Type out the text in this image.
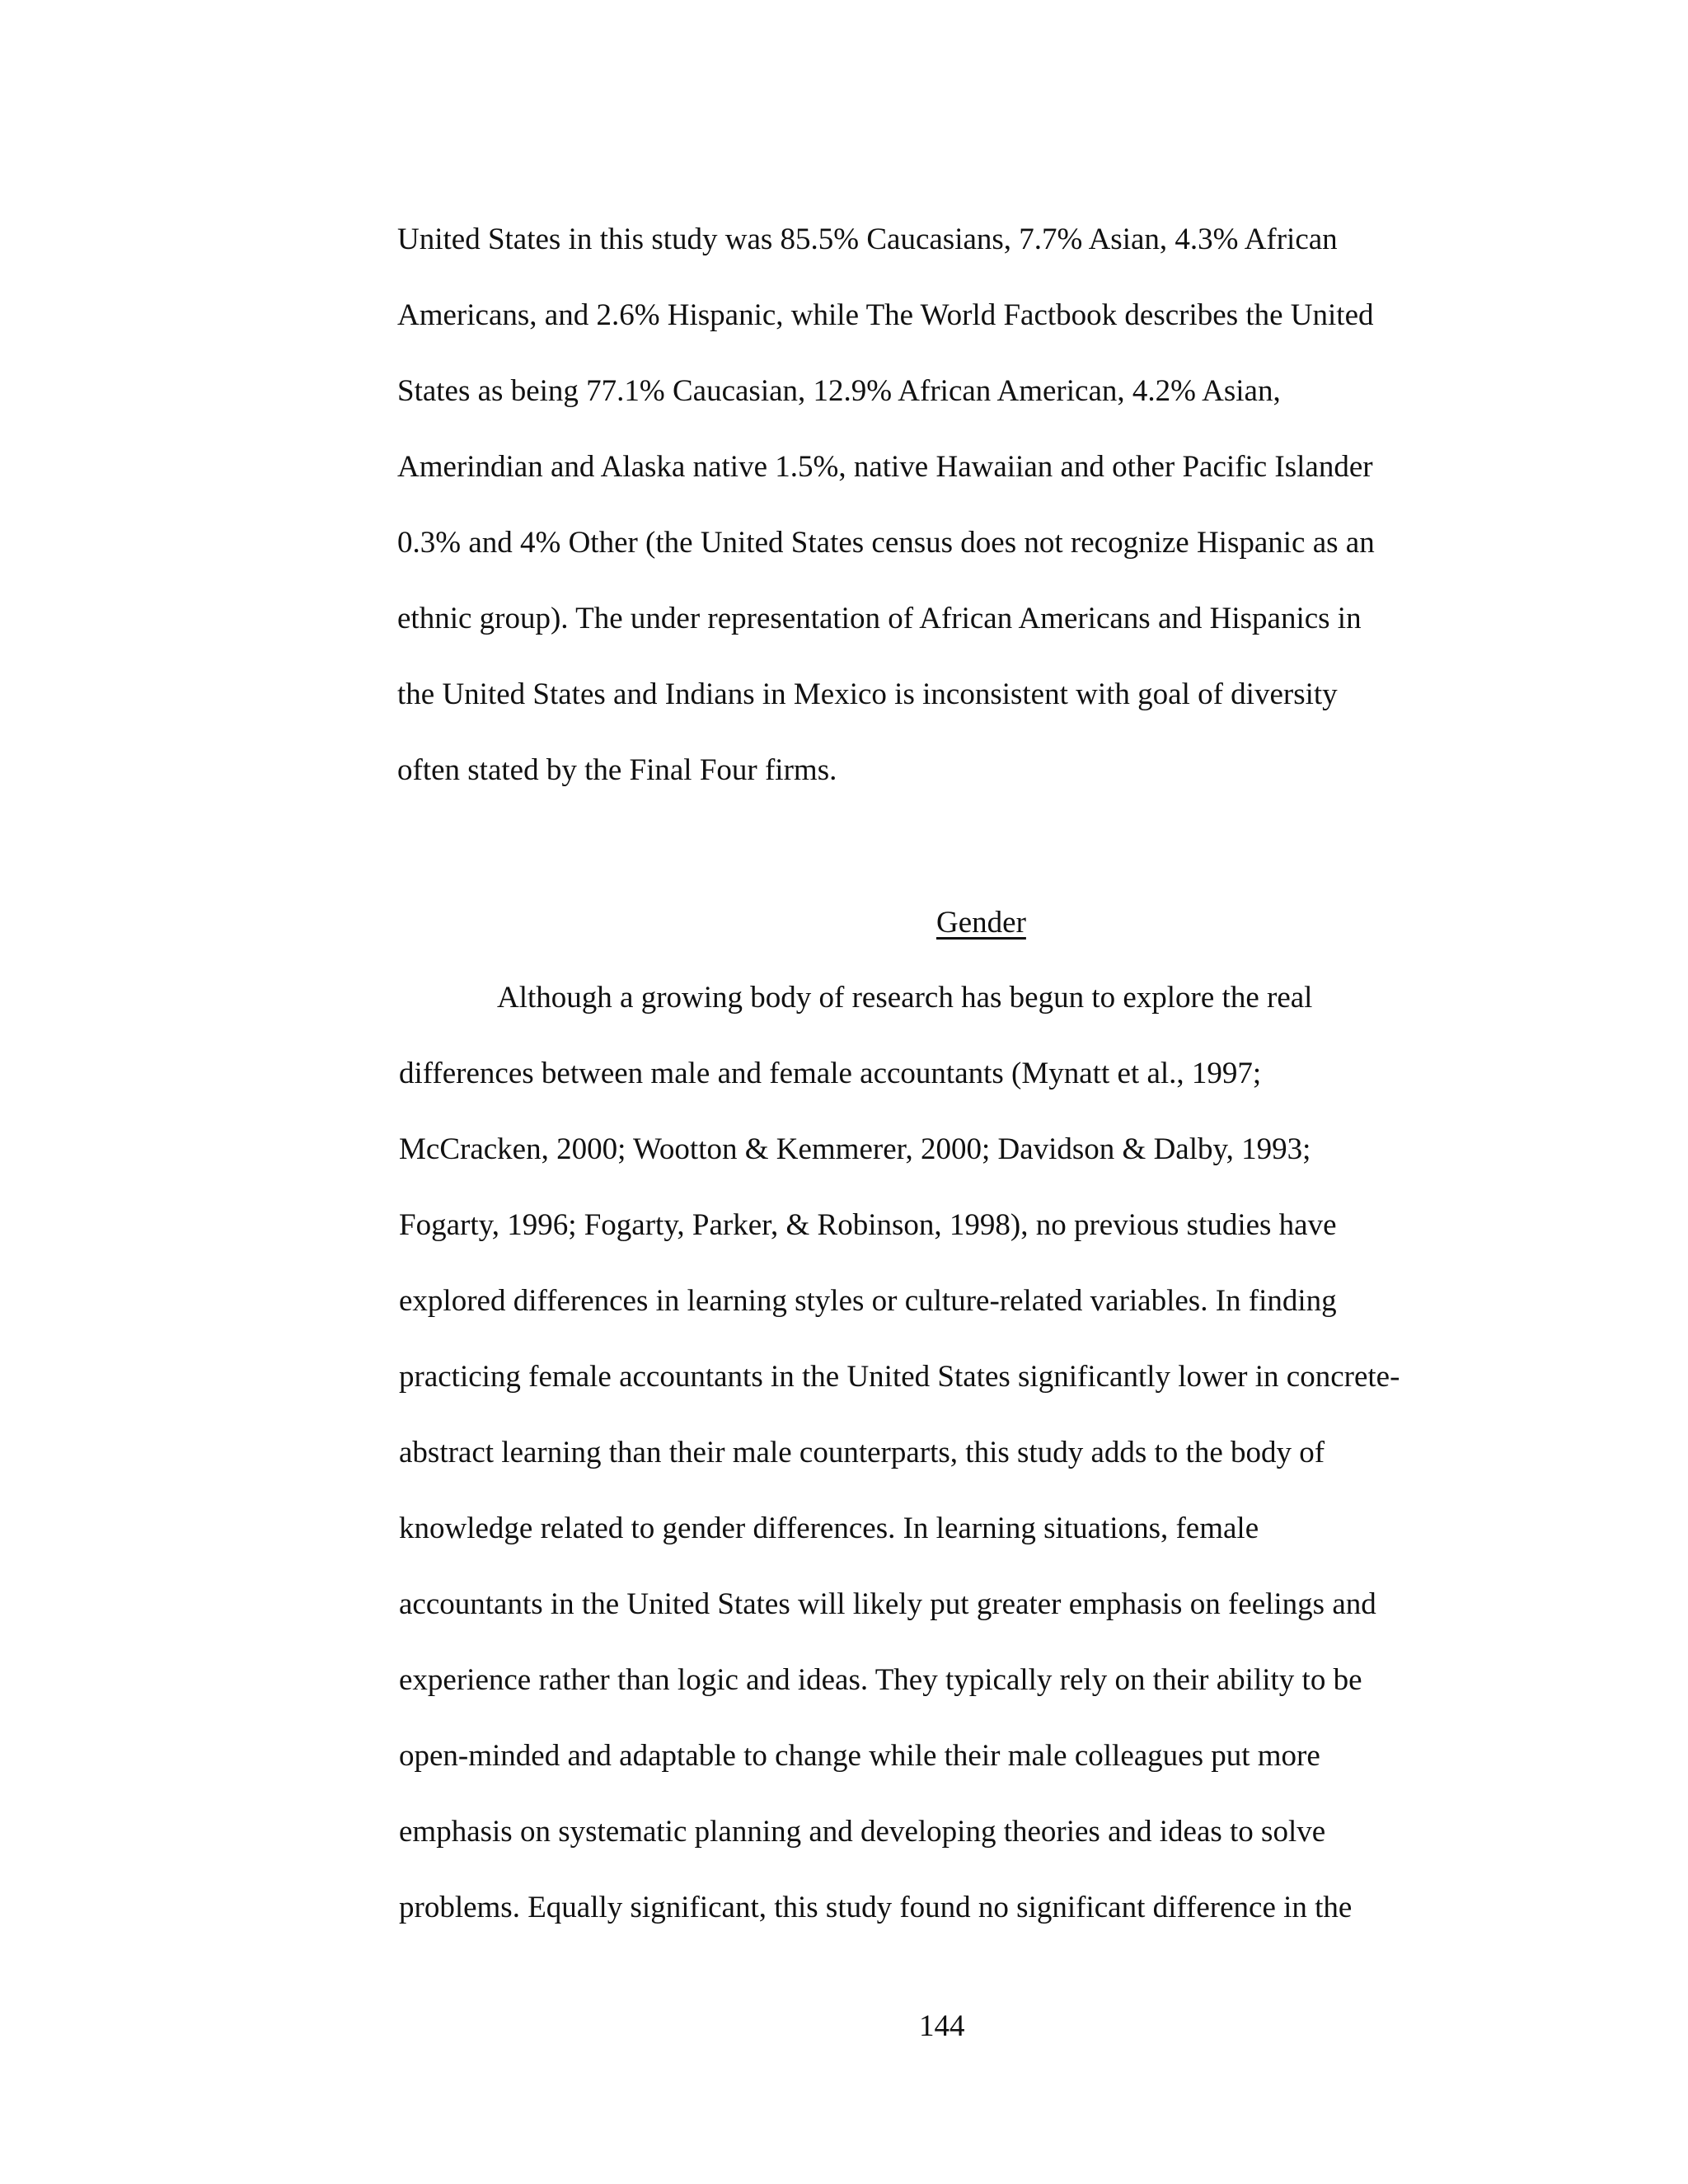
United States in this study was 85.5% Caucasians, 7.7% Asian, 4.3% African
Americans, and 2.6% Hispanic, while The World Factbook describes the United
States as being 77.1% Caucasian, 12.9% African American, 4.2% Asian,
Amerindian and Alaska native 1.5%, native Hawaiian and other Pacific Islander
0.3% and 4% Other (the United States census does not recognize Hispanic as an
ethnic group). The under representation of African Americans and Hispanics in
the United States and Indians in Mexico is inconsistent with goal of diversity
often stated by the Final Four firms.
Gender
Although a growing body of research has begun to explore the real
differences between male and female accountants (Mynatt et al., 1997;
McCracken, 2000; Wootton & Kemmerer, 2000; Davidson & Dalby, 1993;
Fogarty, 1996; Fogarty, Parker, & Robinson, 1998), no previous studies have
explored differences in learning styles or culture-related variables. In finding
practicing female accountants in the United States significantly lower in concrete-
abstract learning than their male counterparts, this study adds to the body of
knowledge related to gender differences. In learning situations, female
accountants in the United States will likely put greater emphasis on feelings and
experience rather than logic and ideas. They typically rely on their ability to be
open-minded and adaptable to change while their male colleagues put more
emphasis on systematic planning and developing theories and ideas to solve
problems. Equally significant, this study found no significant difference in the
144
